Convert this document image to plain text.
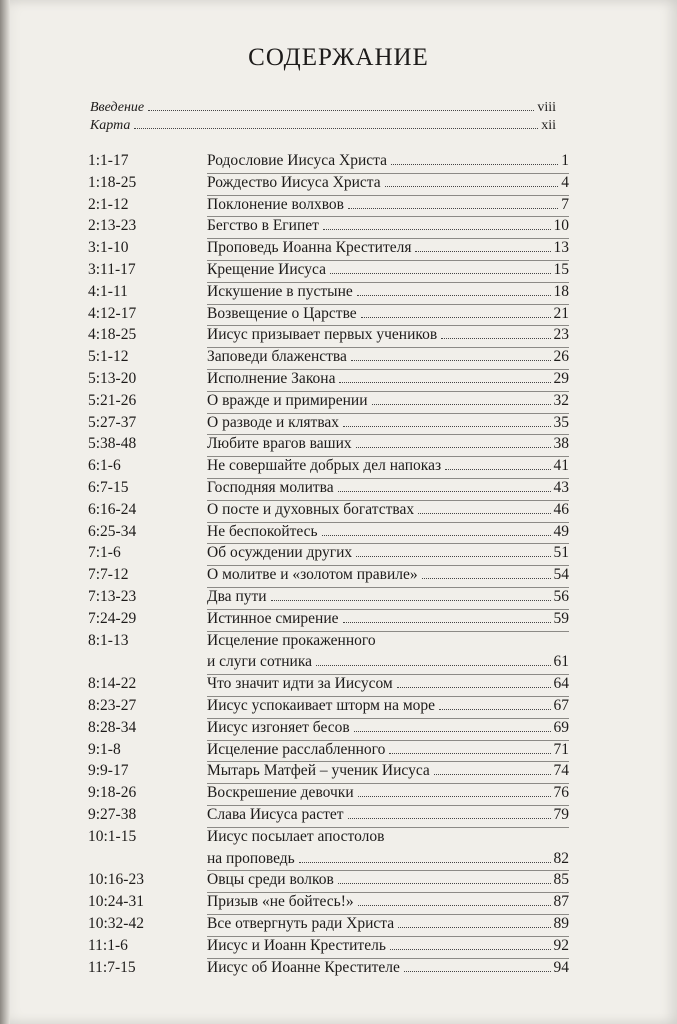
СОДЕРЖАНИЕ
Введение	viii
Карта	xii
1:1-17	Родословие Иисуса Христа	1
1:18-25	Рождество Иисуса Христа	4
2:1-12	Поклонение волхвов	7
2:13-23	Бегство в Египет	10
3:1-10	Проповедь Иоанна Крестителя	13
3:11-17	Крещение Иисуса	15
4:1-11	Искушение в пустыне	18
4:12-17	Возвещение о Царстве	21
4:18-25	Иисус призывает первых учеников	23
5:1-12	Заповеди блаженства	26
5:13-20	Исполнение Закона	29
5:21-26	О вражде и примирении	32
5:27-37	О разводе и клятвах	35
5:38-48	Любите врагов ваших	38
6:1-6	Не совершайте добрых дел напоказ	41
6:7-15	Господняя молитва	43
6:16-24	О посте и духовных богатствах	46
6:25-34	Не беспокойтесь	49
7:1-6	Об осуждении других	51
7:7-12	О молитве и «золотом правиле»	54
7:13-23	Два пути	56
7:24-29	Истинное смирение	59
8:1-13	Исцеление прокаженного
и слуги сотника	61
8:14-22	Что значит идти за Иисусом	64
8:23-27	Иисус успокаивает шторм на море	67
8:28-34	Иисус изгоняет бесов	69
9:1-8	Исцеление расслабленного	71
9:9-17	Мытарь Матфей – ученик Иисуса	74
9:18-26	Воскрешение девочки	76
9:27-38	Слава Иисуса растет	79
10:1-15	Иисус посылает апостолов
на проповедь	82
10:16-23	Овцы среди волков	85
10:24-31	Призыв «не бойтесь!»	87
10:32-42	Все отвергнуть ради Христа	89
11:1-6	Иисус и Иоанн Креститель	92
11:7-15	Иисус об Иоанне Крестителе	94
